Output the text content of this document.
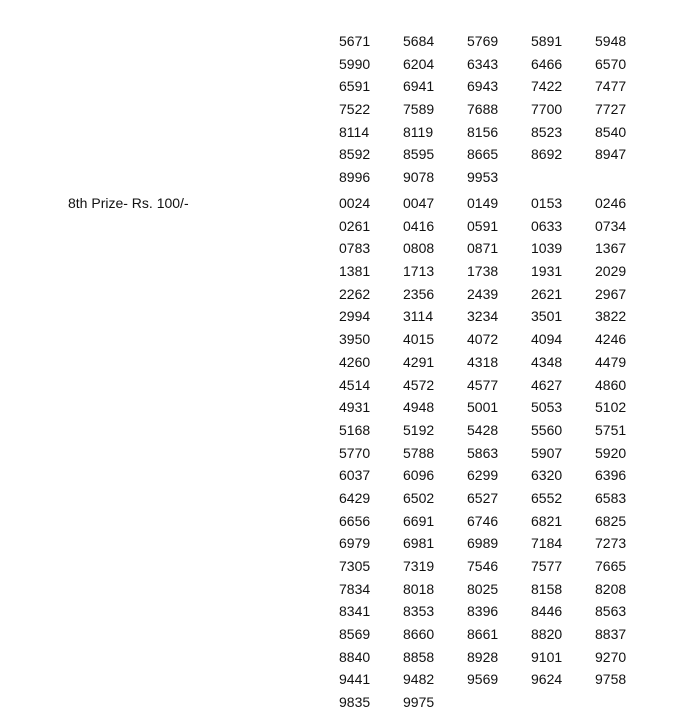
5671	5684	5769	5891	5948
5990	6204	6343	6466	6570
6591	6941	6943	7422	7477
7522	7589	7688	7700	7727
8114	8119	8156	8523	8540
8592	8595	8665	8692	8947
8996	9078	9953
8th Prize- Rs. 100/-	0024	0047	0149	0153	0246
0261	0416	0591	0633	0734
0783	0808	0871	1039	1367
1381	1713	1738	1931	2029
2262	2356	2439	2621	2967
2994	3114	3234	3501	3822
3950	4015	4072	4094	4246
4260	4291	4318	4348	4479
4514	4572	4577	4627	4860
4931	4948	5001	5053	5102
5168	5192	5428	5560	5751
5770	5788	5863	5907	5920
6037	6096	6299	6320	6396
6429	6502	6527	6552	6583
6656	6691	6746	6821	6825
6979	6981	6989	7184	7273
7305	7319	7546	7577	7665
7834	8018	8025	8158	8208
8341	8353	8396	8446	8563
8569	8660	8661	8820	8837
8840	8858	8928	9101	9270
9441	9482	9569	9624	9758
9835	9975
